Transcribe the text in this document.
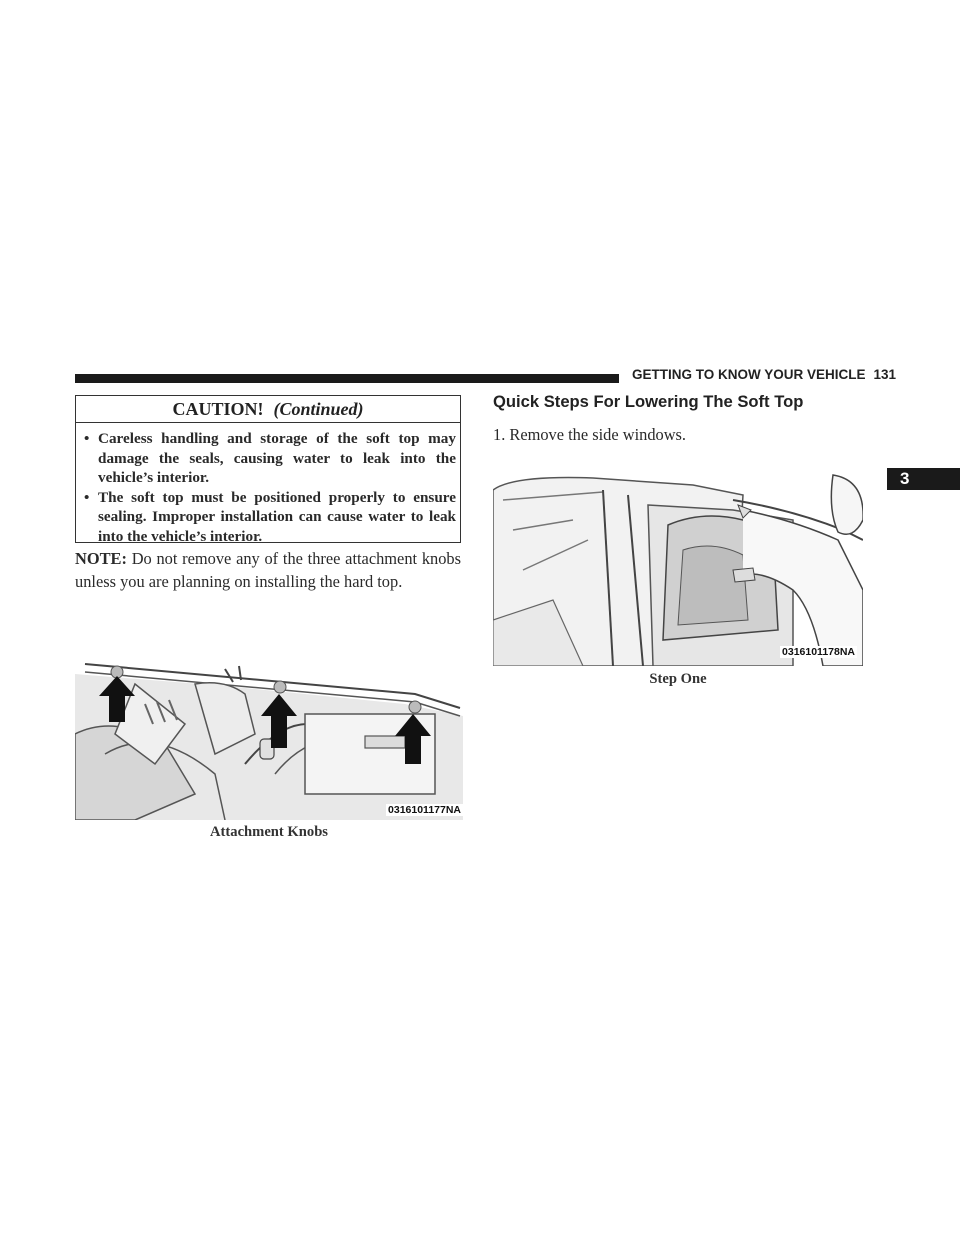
GETTING TO KNOW YOUR VEHICLE 131
3
CAUTION! (Continued)
• Careless handling and storage of the soft top may damage the seals, causing water to leak into the vehicle’s interior.
• The soft top must be positioned properly to ensure sealing. Improper installation can cause water to leak into the vehicle’s interior.
NOTE: Do not remove any of the three attachment knobs unless you are planning on installing the hard top.
0316101177NA
Attachment Knobs
Quick Steps For Lowering The Soft Top
1. Remove the side windows.
0316101178NA
Step One
